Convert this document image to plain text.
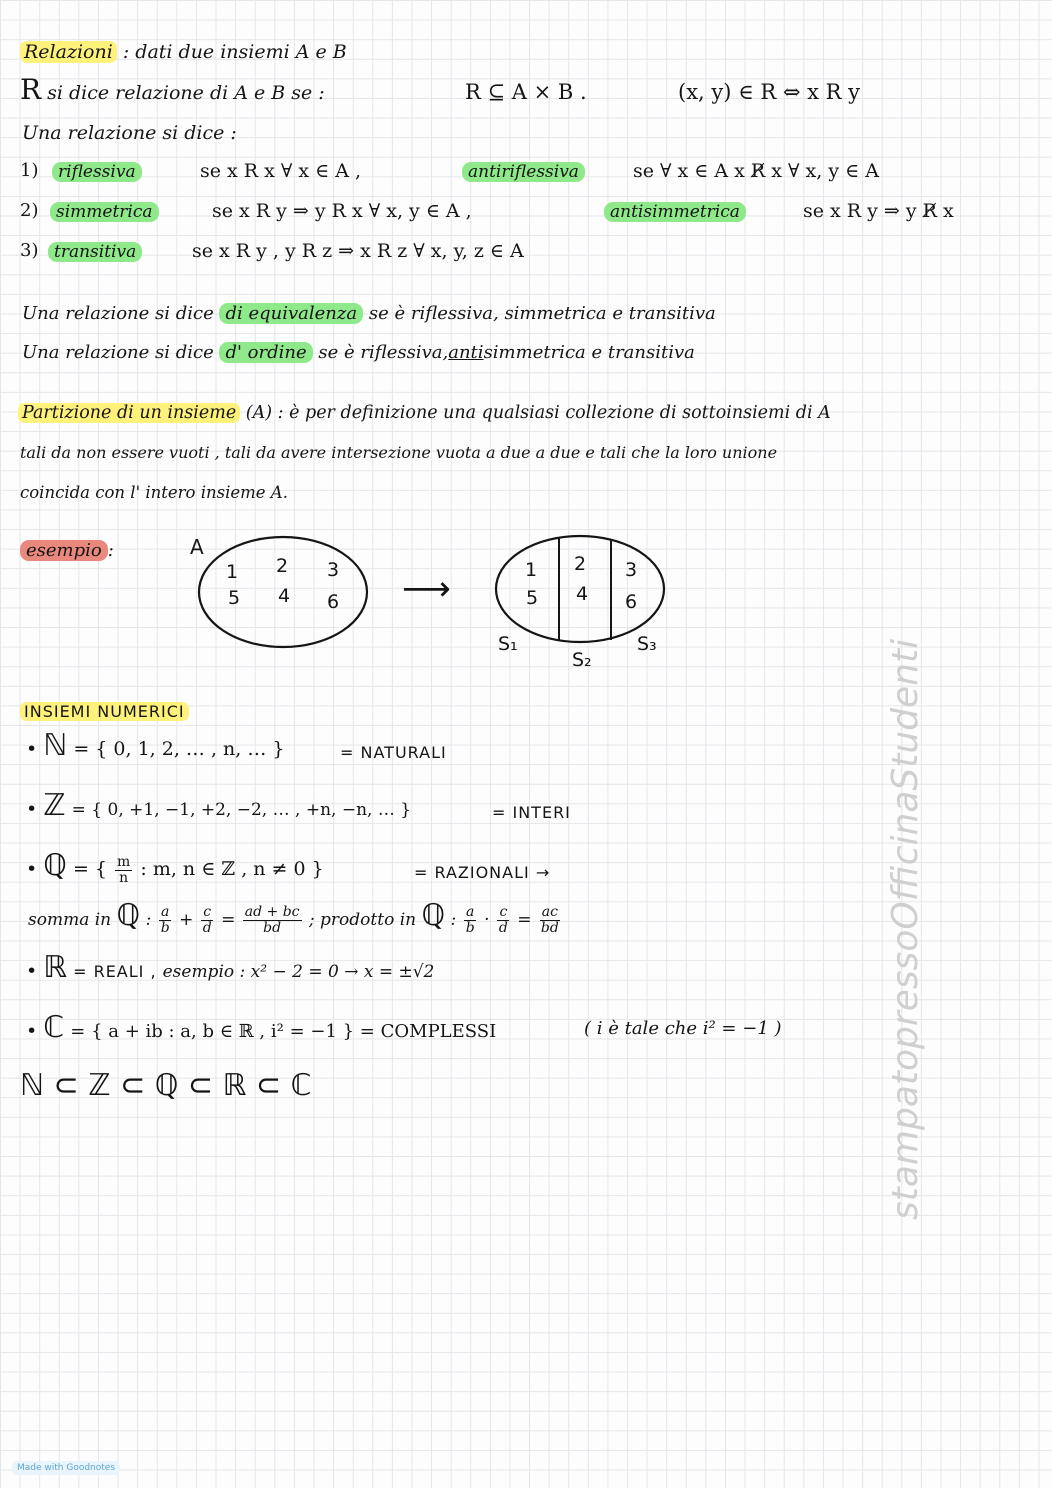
Relazioni : dati due insiemi A e B
R si dice relazione di A e B se :	R ⊆ A × B .	(x, y) ∈ R ⇔ x R y
Una relazione si dice :
1)	riflessiva	se x R x ∀ x ∈ A ,	antiriflessiva	se ∀ x ∈ A x R̸ x ∀ x, y ∈ A
2)	simmetrica	se x R y ⇒ y R x ∀ x, y ∈ A ,	antisimmetrica	se x R y ⇒ y R̸ x
3) transitiva	se x R y , y R z ⇒ x R z ∀ x, y, z ∈ A
Una relazione si dice di equivalenza se è riflessiva, simmetrica e transitiva
Una relazione si dice d' ordine se è riflessiva,antisimmetrica e transitiva
Partizione di un insieme (A) : è per definizione una qualsiasi collezione di sottoinsiemi di A
tali da non essere vuoti , tali da avere intersezione vuota a due a due e tali che la loro unione
coincida con l' intero insieme A.
esempio :	A
1 2 3
5 4 6 ⟶	1 2 3
5 4 6
S₁
S₂
S₃
INSIEMI NUMERICI
• ℕ = { 0, 1, 2, … , n, … }	= NATURALI
• ℤ = { 0, +1, −1, +2, −2, … , +n, −n, … }	= INTERI
• ℚ = { $\frac{m}{n}$ : m, n ∈ ℤ , n ≠ 0 }	= RAZIONALI →
somma in ℚ : $\frac{a}{b} + \frac{c}{d} = \frac{ad + bc}{bd}$ ; prodotto in ℚ : $\frac{a}{b} \cdot \frac{c}{d} = \frac{ac}{bd}$
• ℝ = REALI , esempio : x² − 2 = 0 → x = ±√2
• ℂ = { a + ib : a, b ∈ ℝ , i² = −1 } = COMPLESSI	( i è tale che i² = −1 )
ℕ ⊂ ℤ ⊂ ℚ ⊂ ℝ ⊂ ℂ	stampatopressoOfficinaStudenti
Made with Goodnotes
